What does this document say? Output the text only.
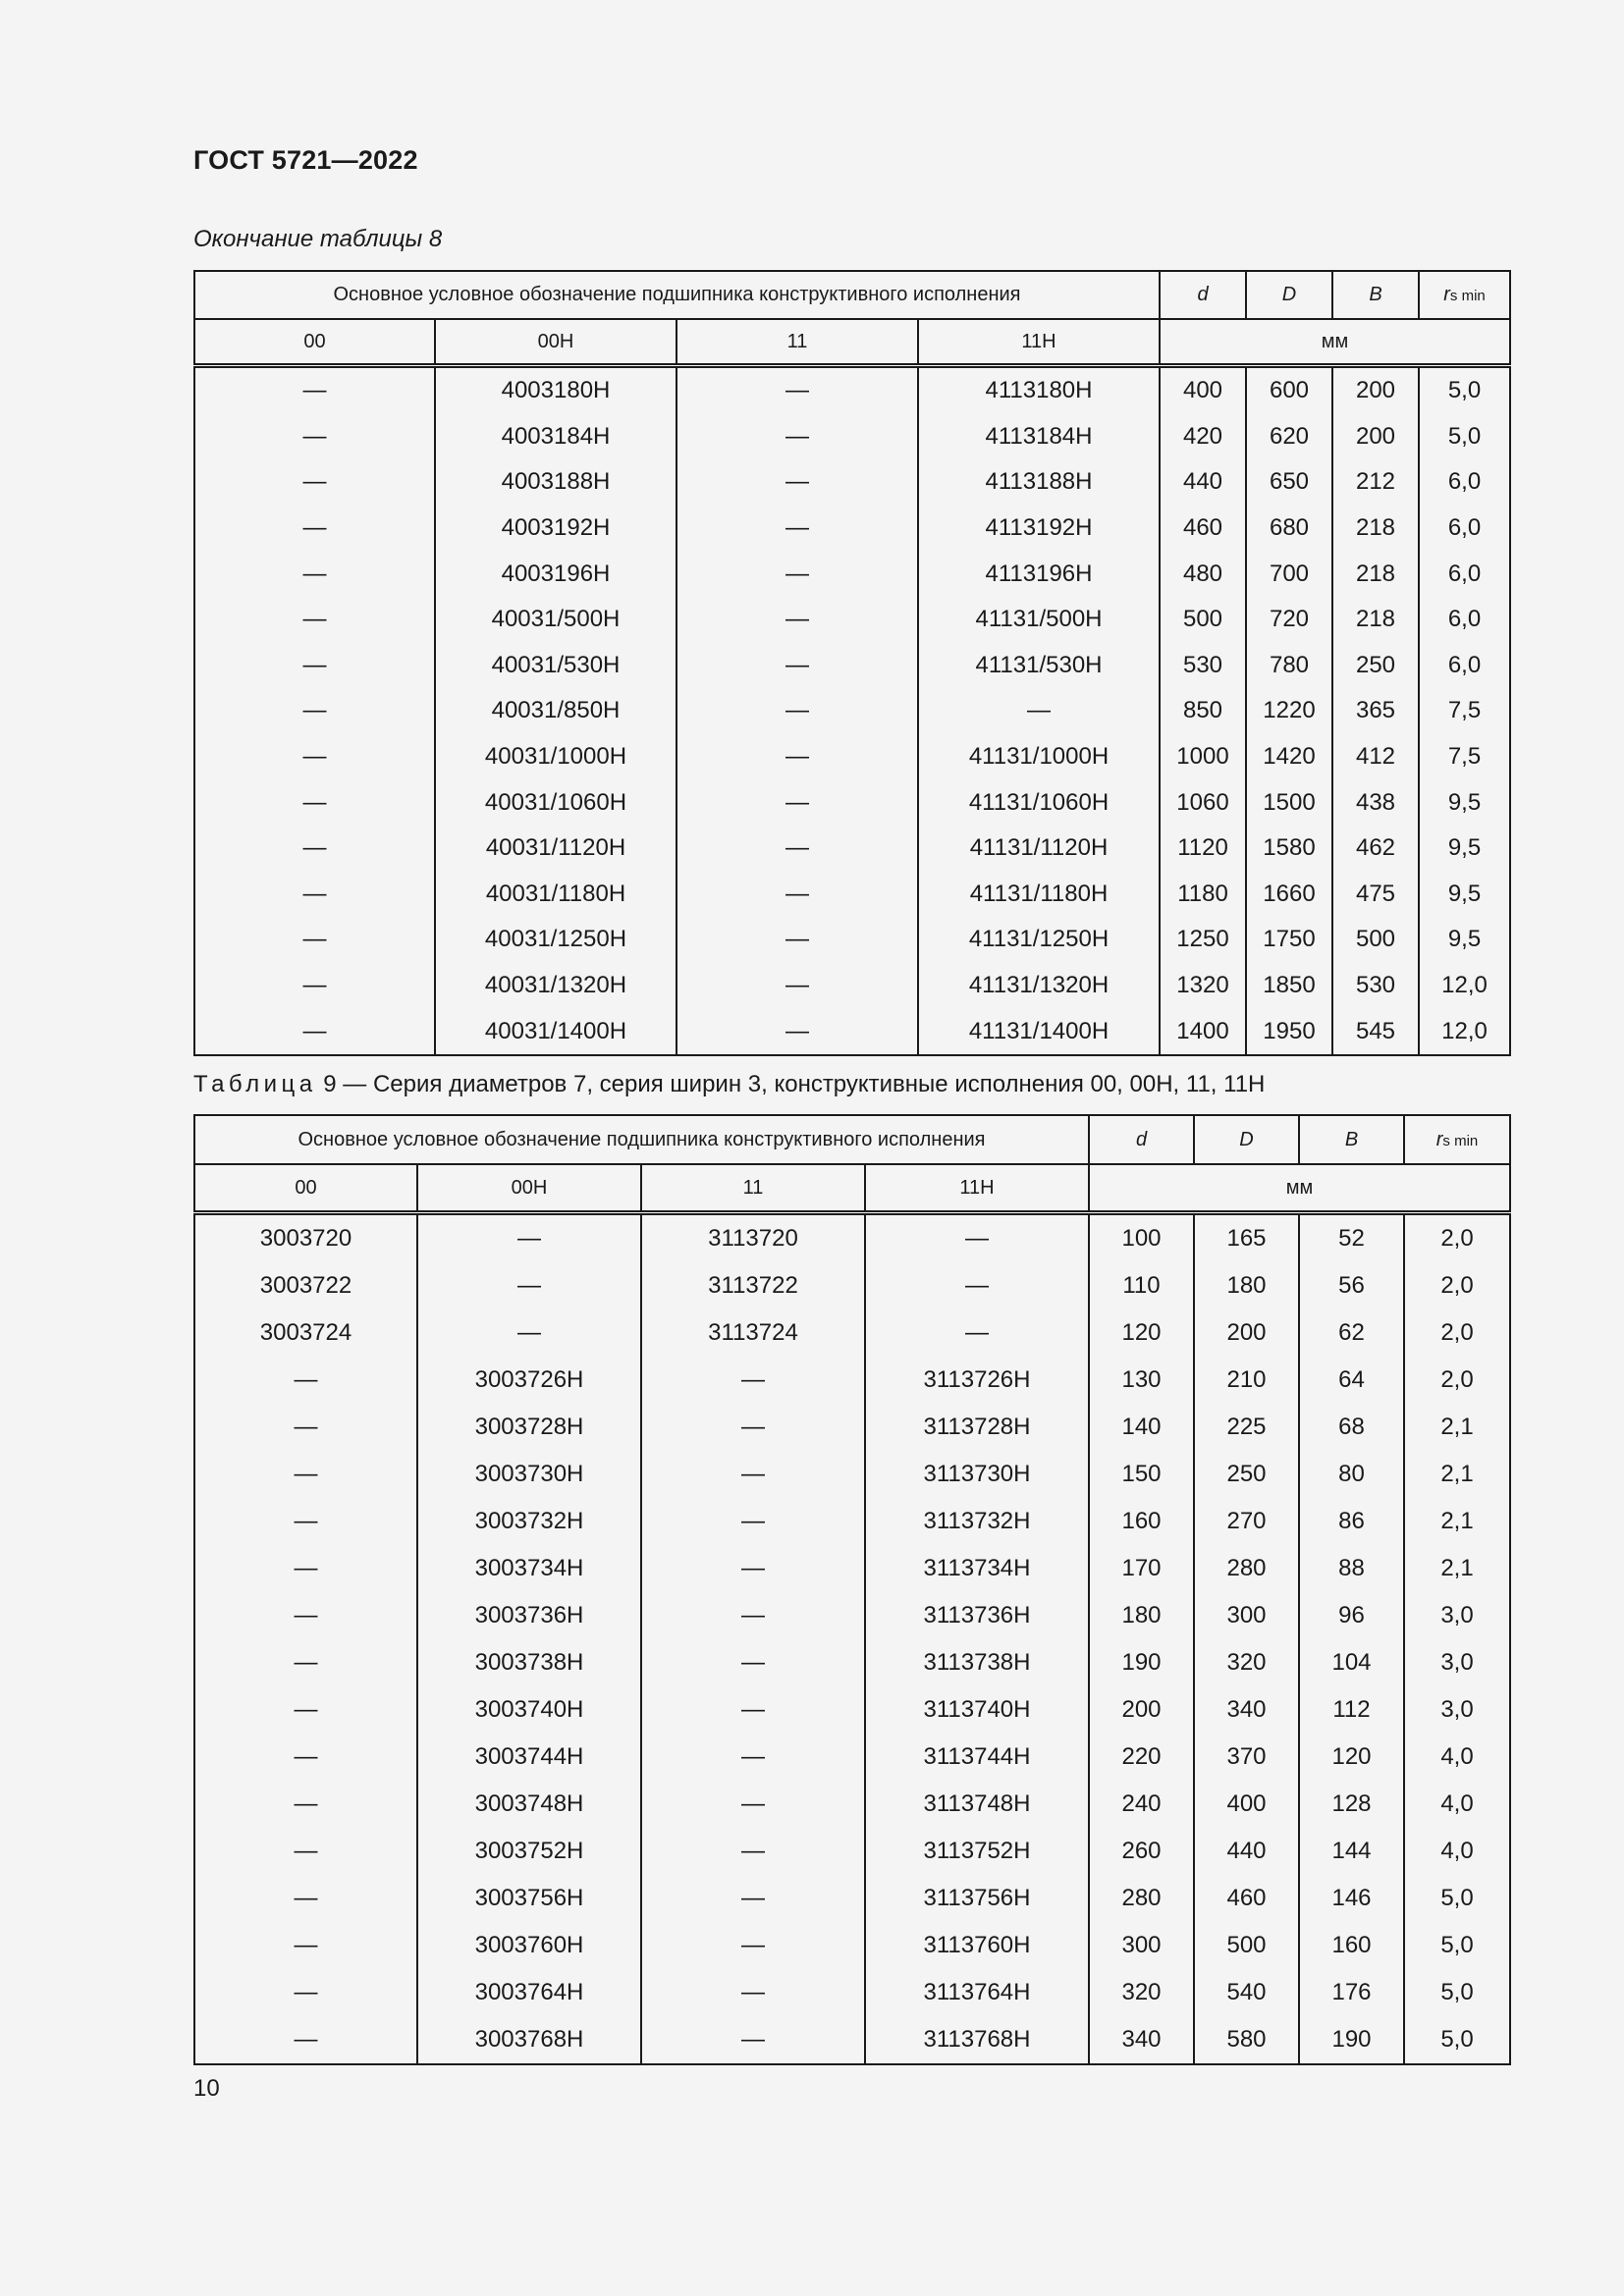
ГОСТ 5721—2022
Окончание таблицы 8
Основное условное обозначение подшипника конструктивного исполнения				d	D	B	rs min
00	00Н	11	11Н	мм			
—	4003180Н	—	4113180Н	400	600	200	5,0
—	4003184Н	—	4113184Н	420	620	200	5,0
—	4003188Н	—	4113188Н	440	650	212	6,0
—	4003192Н	—	4113192Н	460	680	218	6,0
—	4003196Н	—	4113196Н	480	700	218	6,0
—	40031/500Н	—	41131/500Н	500	720	218	6,0
—	40031/530Н	—	41131/530Н	530	780	250	6,0
—	40031/850Н	—	—	850	1220	365	7,5
—	40031/1000Н	—	41131/1000Н	1000	1420	412	7,5
—	40031/1060Н	—	41131/1060Н	1060	1500	438	9,5
—	40031/1120Н	—	41131/1120Н	1120	1580	462	9,5
—	40031/1180Н	—	41131/1180Н	1180	1660	475	9,5
—	40031/1250Н	—	41131/1250Н	1250	1750	500	9,5
—	40031/1320Н	—	41131/1320Н	1320	1850	530	12,0
—	40031/1400Н	—	41131/1400Н	1400	1950	545	12,0
Таблица 9 — Серия диаметров 7, серия ширин 3, конструктивные исполнения 00, 00Н, 11, 11Н
Основное условное обозначение подшипника конструктивного исполнения				d	D	B	rs min
00	00Н	11	11Н	мм			
3003720	—	3113720	—	100	165	52	2,0
3003722	—	3113722	—	110	180	56	2,0
3003724	—	3113724	—	120	200	62	2,0
—	3003726Н	—	3113726Н	130	210	64	2,0
—	3003728Н	—	3113728Н	140	225	68	2,1
—	3003730Н	—	3113730Н	150	250	80	2,1
—	3003732Н	—	3113732Н	160	270	86	2,1
—	3003734Н	—	3113734Н	170	280	88	2,1
—	3003736Н	—	3113736Н	180	300	96	3,0
—	3003738Н	—	3113738Н	190	320	104	3,0
—	3003740Н	—	3113740Н	200	340	112	3,0
—	3003744Н	—	3113744Н	220	370	120	4,0
—	3003748Н	—	3113748Н	240	400	128	4,0
—	3003752Н	—	3113752Н	260	440	144	4,0
—	3003756Н	—	3113756Н	280	460	146	5,0
—	3003760Н	—	3113760Н	300	500	160	5,0
—	3003764Н	—	3113764Н	320	540	176	5,0
—	3003768Н	—	3113768Н	340	580	190	5,0
10
